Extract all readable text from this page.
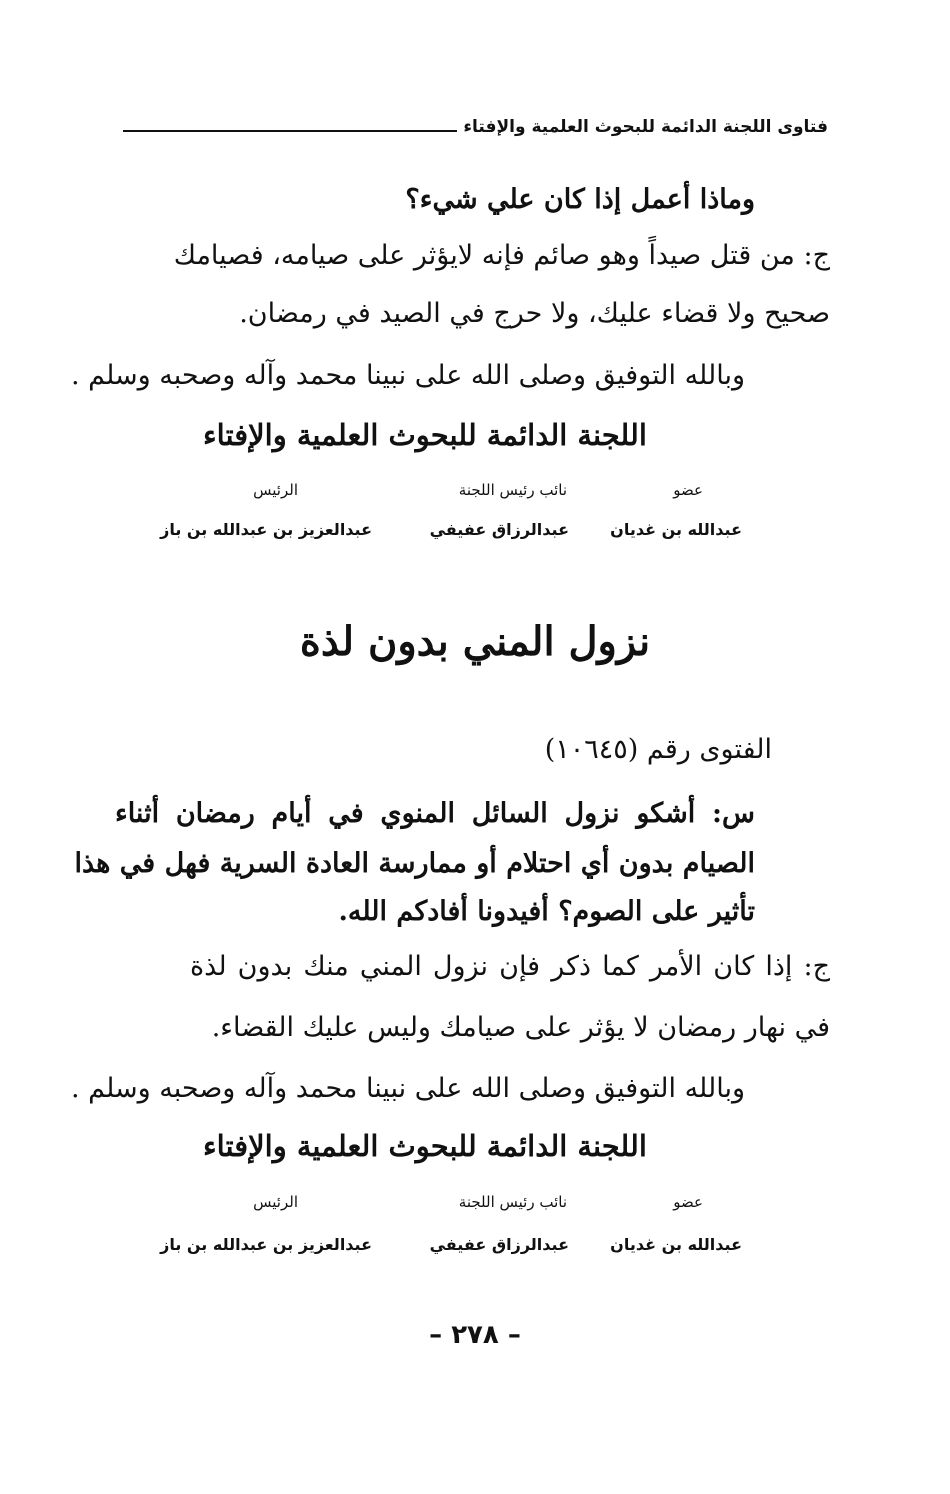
فتاوى اللجنة الدائمة للبحوث العلمية والإفتاء
وماذا أعمل إذا كان علي شيء؟
ج: من قتل صيداً وهو صائم فإنه لايؤثر على صيامه، فصيامك
صحيح ولا قضاء عليك، ولا حرج في الصيد في رمضان.
وبالله التوفيق وصلى الله على نبينا محمد وآله وصحبه وسلم .
اللجنة الدائمة للبحوث العلمية والإفتاء
عضو
نائب رئيس اللجنة
الرئيس
عبدالله بن غديان
عبدالرزاق عفيفي
عبدالعزيز بن عبدالله بن باز
نزول المني بدون لذة
الفتوى رقم (١٠٦٤٥)
س: أشكو نزول السائل المنوي في أيام رمضان أثناء
الصيام بدون أي احتلام أو ممارسة العادة السرية فهل في هذا
تأثير على الصوم؟ أفيدونا أفادكم الله.
ج: إذا كان الأمر كما ذكر فإن نزول المني منك بدون لذة
في نهار رمضان لا يؤثر على صيامك وليس عليك القضاء.
وبالله التوفيق وصلى الله على نبينا محمد وآله وصحبه وسلم .
اللجنة الدائمة للبحوث العلمية والإفتاء
عضو
نائب رئيس اللجنة
الرئيس
عبدالله بن غديان
عبدالرزاق عفيفي
عبدالعزيز بن عبدالله بن باز
– ٢٧٨ –
